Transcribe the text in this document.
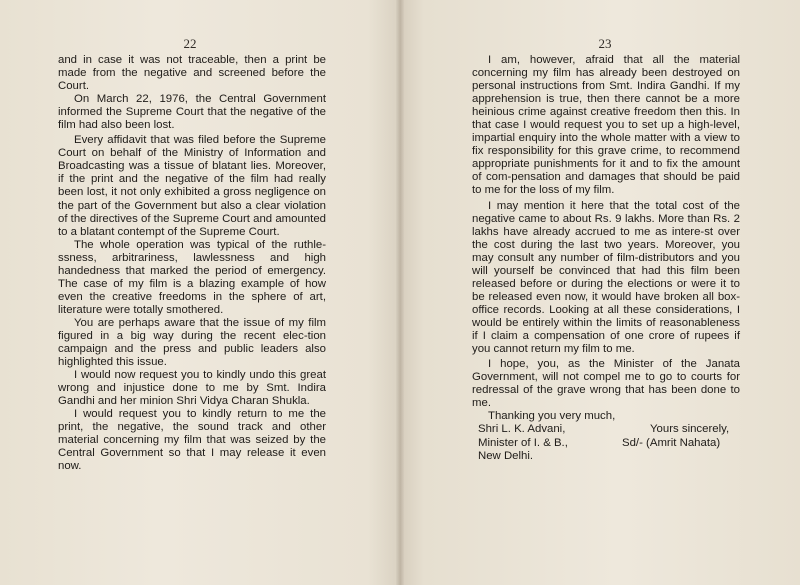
22

and in case it was not traceable, then a print be made from the negative and screened before the Court.

On March 22, 1976, the Central Government informed the Supreme Court that the negative of the film had also been lost.

Every affidavit that was filed before the Supreme Court on behalf of the Ministry of Information and Broadcasting was a tissue of blatant lies. Moreover, if the print and the negative of the film had really been lost, it not only exhibited a gross negligence on the part of the Government but also a clear violation of the directives of the Supreme Court and amounted to a blatant contempt of the Supreme Court.

The whole operation was typical of the ruthle-ssness, arbitrariness, lawlessness and high handedness that marked the period of emergency. The case of my film is a blazing example of how even the creative freedoms in the sphere of art, literature were totally smothered.

You are perhaps aware that the issue of my film figured in a big way during the recent elec-tion campaign and the press and public leaders also highlighted this issue.

I would now request you to kindly undo this great wrong and injustice done to me by Smt. Indira Gandhi and her minion Shri Vidya Charan Shukla.

I would request you to kindly return to me the print, the negative, the sound track and other material concerning my film that was seized by the Central Government so that I may release it even now.

23

I am, however, afraid that all the material concerning my film has already been destroyed on personal instructions from Smt. Indira Gandhi. If my apprehension is true, then there cannot be a more heinious crime against creative freedom then this. In that case I would request you to set up a high-level, impartial enquiry into the whole matter with a view to fix responsibility for this grave crime, to recommend appropriate punishments for it and to fix the amount of com-pensation and damages that should be paid to me for the loss of my film.

I may mention it here that the total cost of the negative came to about Rs. 9 lakhs. More than Rs. 2 lakhs have already accrued to me as intere-st over the cost during the last two years. Moreover, you may consult any number of film-distributors and you will yourself be convinced that had this film been released before or during the elections or were it to be released even now, it would have broken all box-office records. Looking at all these considerations, I would be entirely within the limits of reasonableness if I claim a compensation of one crore of rupees if you cannot return my film to me.

I hope, you, as the Minister of the Janata Government, will not compel me to go to courts for redressal of the grave wrong that has been done to me.

Thanking you very much,

Shri L. K. Advani,	Yours sincerely,
Minister of I. & B.,	Sd/- (Amrit Nahata)
New Delhi.
